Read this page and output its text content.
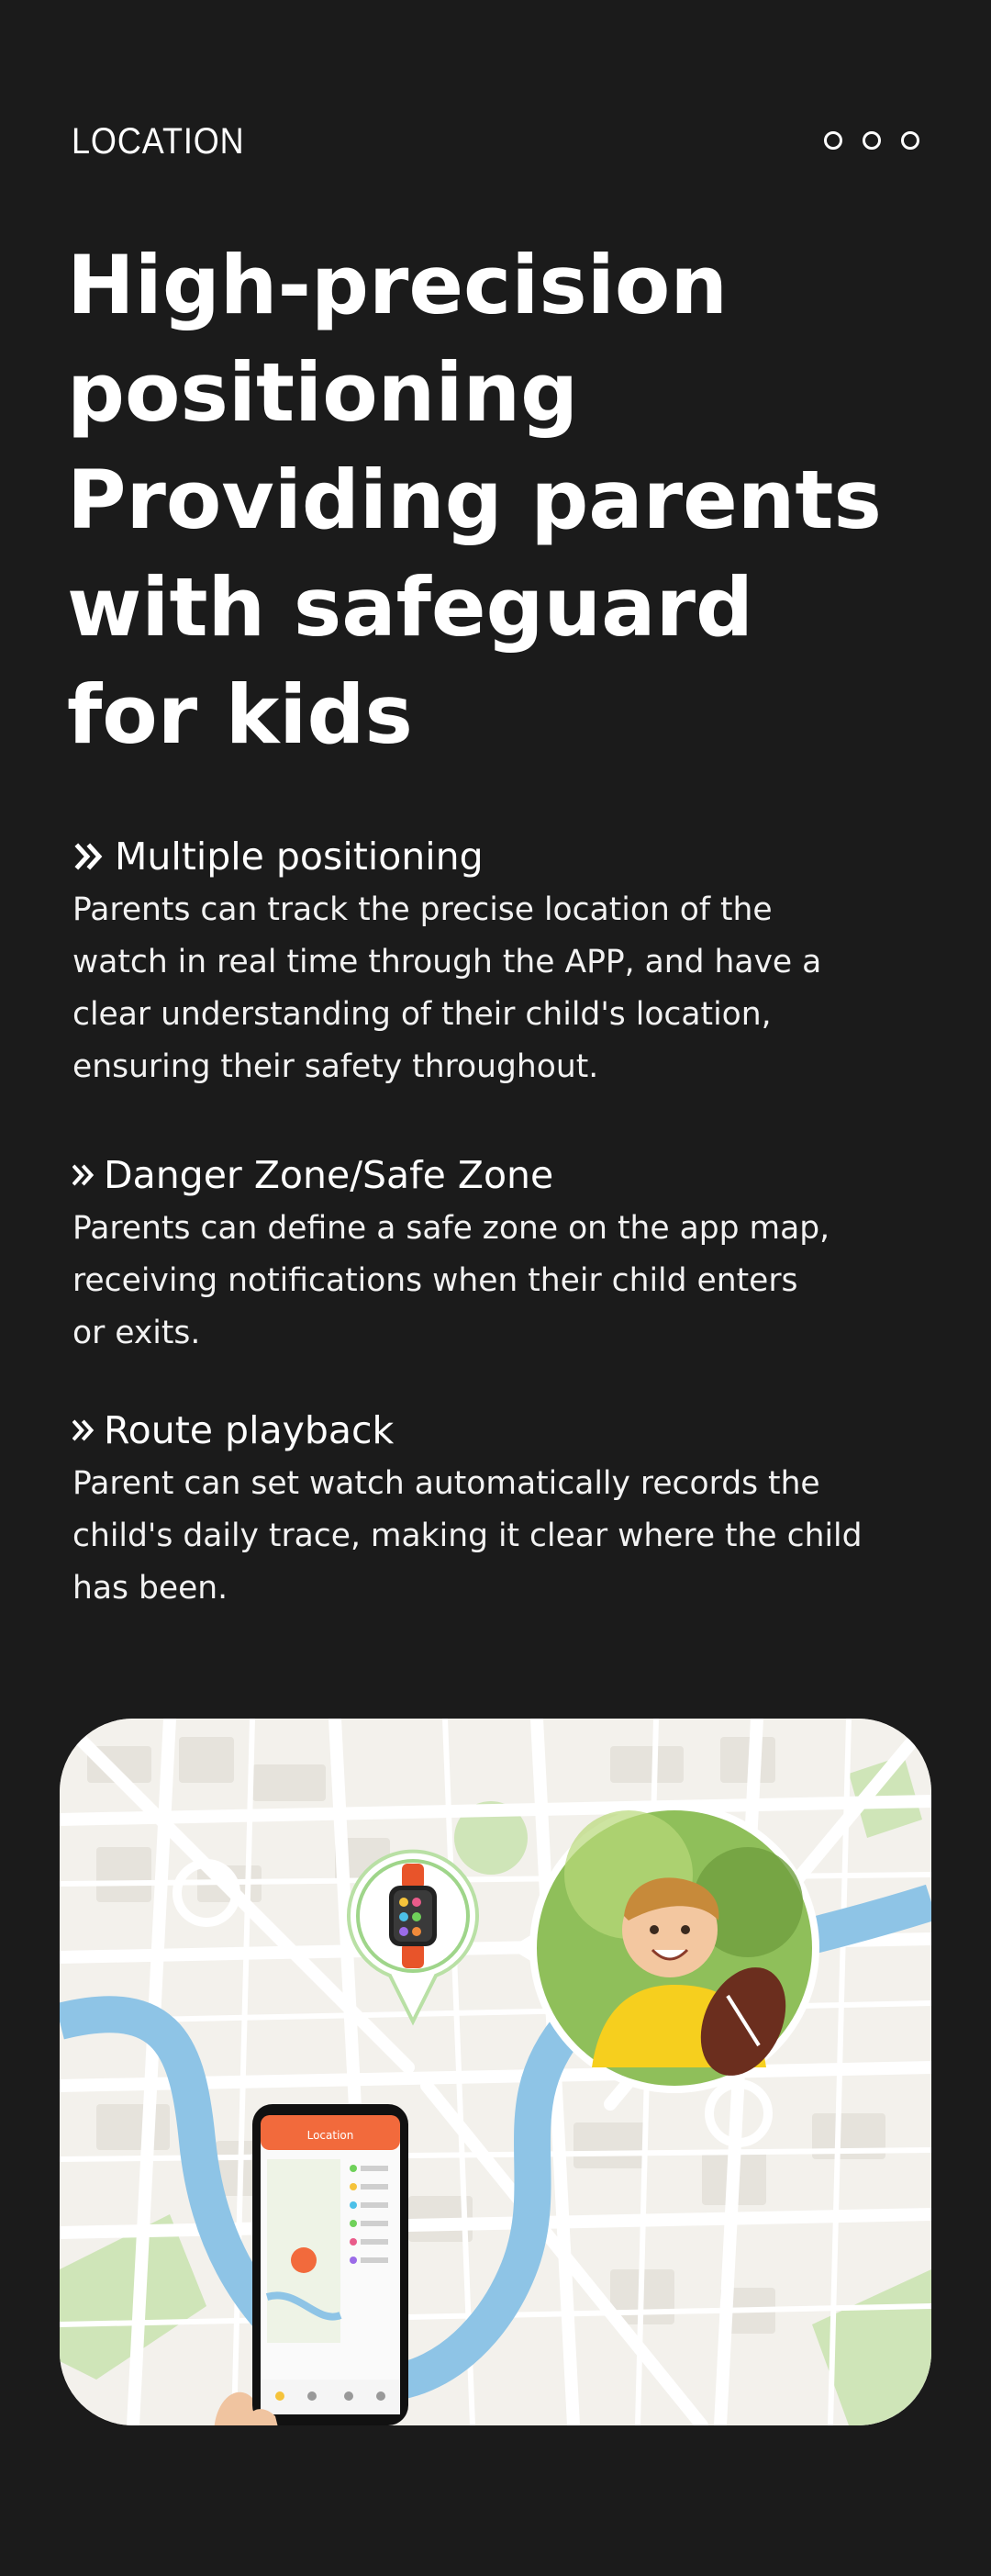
LOCATION
High-precision
positioning
Providing parents
with safeguard
for kids
Multiple positioning
Parents can track the precise location of the
watch in real time through the APP, and have a
clear understanding of their child's location,
ensuring their safety throughout.
Danger Zone/Safe Zone
Parents can define a safe zone on the app map,
receiving notifications when their child enters
or exits.
Route playback
Parent can set watch automatically records the
child's daily trace, making it clear where the child
has been.
Location
